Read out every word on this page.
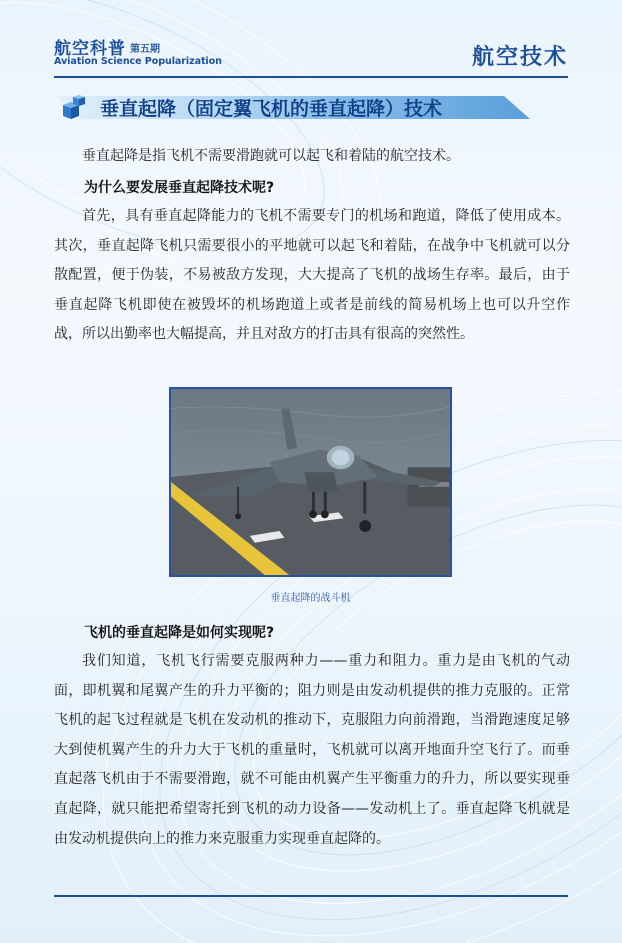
航空科普 第五期
Aviation Science Popularization	航空技术
垂直起降（固定翼飞机的垂直起降）技术

垂直起降是指飞机不需要滑跑就可以起飞和着陆的航空技术。

为什么要发展垂直起降技术呢?

首先，具有垂直起降能力的飞机不需要专门的机场和跑道，降低了使用成本。其次，垂直起降飞机只需要很小的平地就可以起飞和着陆，在战争中飞机就可以分散配置，便于伪装，不易被敌方发现，大大提高了飞机的战场生存率。最后，由于垂直起降飞机即使在被毁坏的机场跑道上或者是前线的简易机场上也可以升空作战，所以出勤率也大幅提高，并且对敌方的打击具有很高的突然性。

垂直起降的战斗机
飞机的垂直起降是如何实现呢?

我们知道，飞机飞行需要克服两种力——重力和阻力。重力是由飞机的气动面，即机翼和尾翼产生的升力平衡的；阻力则是由发动机提供的推力克服的。正常飞机的起飞过程就是飞机在发动机的推动下，克服阻力向前滑跑，当滑跑速度足够大到使机翼产生的升力大于飞机的重量时，飞机就可以离开地面升空飞行了。而垂直起落飞机由于不需要滑跑，就不可能由机翼产生平衡重力的升力，所以要实现垂直起降，就只能把希望寄托到飞机的动力设备——发动机上了。垂直起降飞机就是由发动机提供向上的推力来克服重力实现垂直起降的。
